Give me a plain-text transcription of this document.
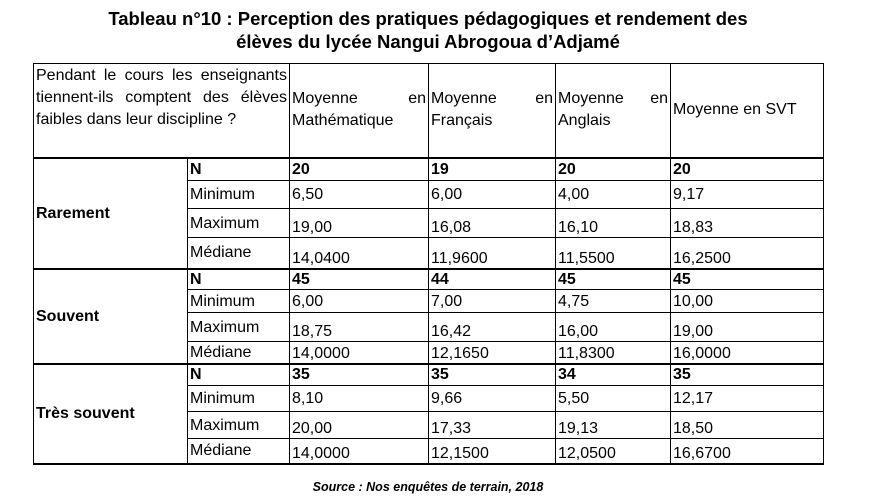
Tableau n°10 : Perception des pratiques pédagogiques et rendement des
élèves du lycée Nangui Abrogoua d’Adjamé
Pendant le cours les enseignants tiennent-ils comptent des élèves faibles dans leur discipline ?		Moyenne en Mathématique	Moyenne en Français	Moyenne en Anglais	Moyenne en SVT
Rarement	N	20	19	20	20
	Minimum	6,50	6,00	4,00	9,17
	Maximum	19,00	16,08	16,10	18,83
	Médiane	14,0400	11,9600	11,5500	16,2500
Souvent	N	45	44	45	45
	Minimum	6,00	7,00	4,75	10,00
	Maximum	18,75	16,42	16,00	19,00
	Médiane	14,0000	12,1650	11,8300	16,0000
Très souvent	N	35	35	34	35
	Minimum	8,10	9,66	5,50	12,17
	Maximum	20,00	17,33	19,13	18,50
	Médiane	14,0000	12,1500	12,0500	16,6700
Source : Nos enquêtes de terrain, 2018
